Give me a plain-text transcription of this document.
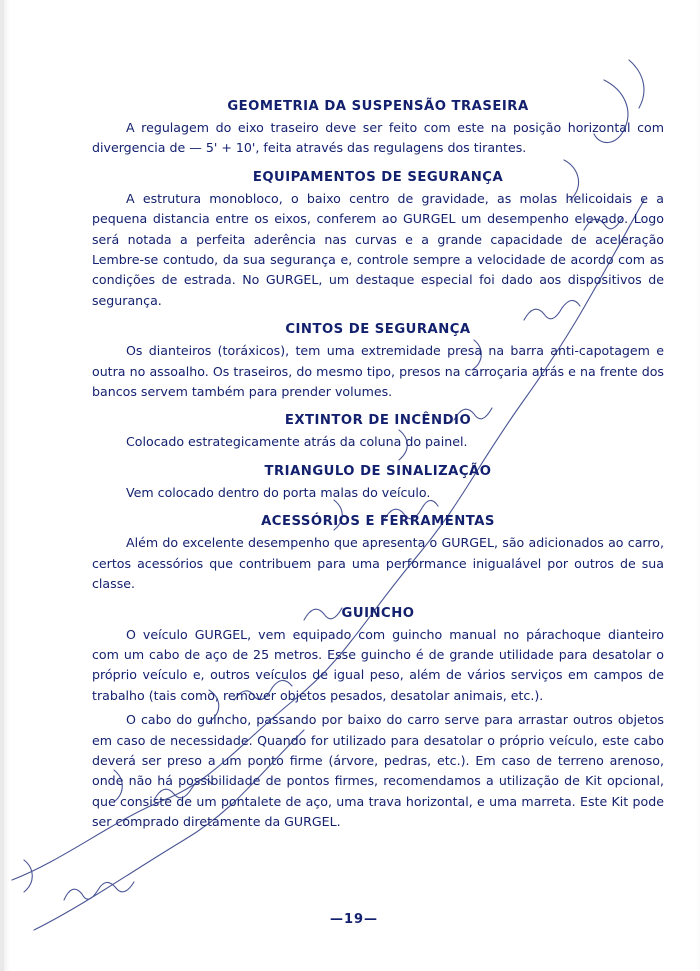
GEOMETRIA DA SUSPENSÃO TRASEIRA

A regulagem do eixo traseiro deve ser feito com este na posição horizontal com divergencia de — 5' + 10', feita através das regulagens dos tirantes.

EQUIPAMENTOS DE SEGURANÇA

A estrutura monobloco, o baixo centro de gravidade, as molas helicoidais e a pequena distancia entre os eixos, conferem ao GURGEL um desempenho elevado. Logo será notada a perfeita aderência nas curvas e a grande capacidade de aceleração Lembre-se contudo, da sua segurança e, controle sempre a velocidade de acordo com as condições de estrada. No GURGEL, um destaque especial foi dado aos dispositivos de segurança.

CINTOS DE SEGURANÇA

Os dianteiros (toráxicos), tem uma extremidade presa na barra anti-capotagem e outra no assoalho. Os traseiros, do mesmo tipo, presos na carroçaria atrás e na frente dos bancos servem também para prender volumes.

EXTINTOR DE INCÊNDIO

Colocado estrategicamente atrás da coluna do painel.

TRIANGULO DE SINALIZAÇÃO

Vem colocado dentro do porta malas do veículo.

ACESSÓRIOS E FERRAMENTAS

Além do excelente desempenho que apresenta o GURGEL, são adicionados ao carro, certos acessórios que contribuem para uma performance inigualável por outros de sua classe.

GUINCHO

O veículo GURGEL, vem equipado com guincho manual no párachoque dianteiro com um cabo de aço de 25 metros. Esse guincho é de grande utilidade para desatolar o próprio veículo e, outros veículos de igual peso, além de vários serviços em campos de trabalho (tais como, remover objetos pesados, desatolar animais, etc.).

O cabo do guincho, passando por baixo do carro serve para arrastar outros objetos em caso de necessidade. Quando for utilizado para desatolar o próprio veículo, este cabo deverá ser preso a um ponto firme (árvore, pedras, etc.). Em caso de terreno arenoso, onde não há possibilidade de pontos firmes, recomendamos a utilização de Kit opcional, que consiste de um pontalete de aço, uma trava horizontal, e uma marreta. Este Kit pode ser comprado diretamente da GURGEL.

—19—
